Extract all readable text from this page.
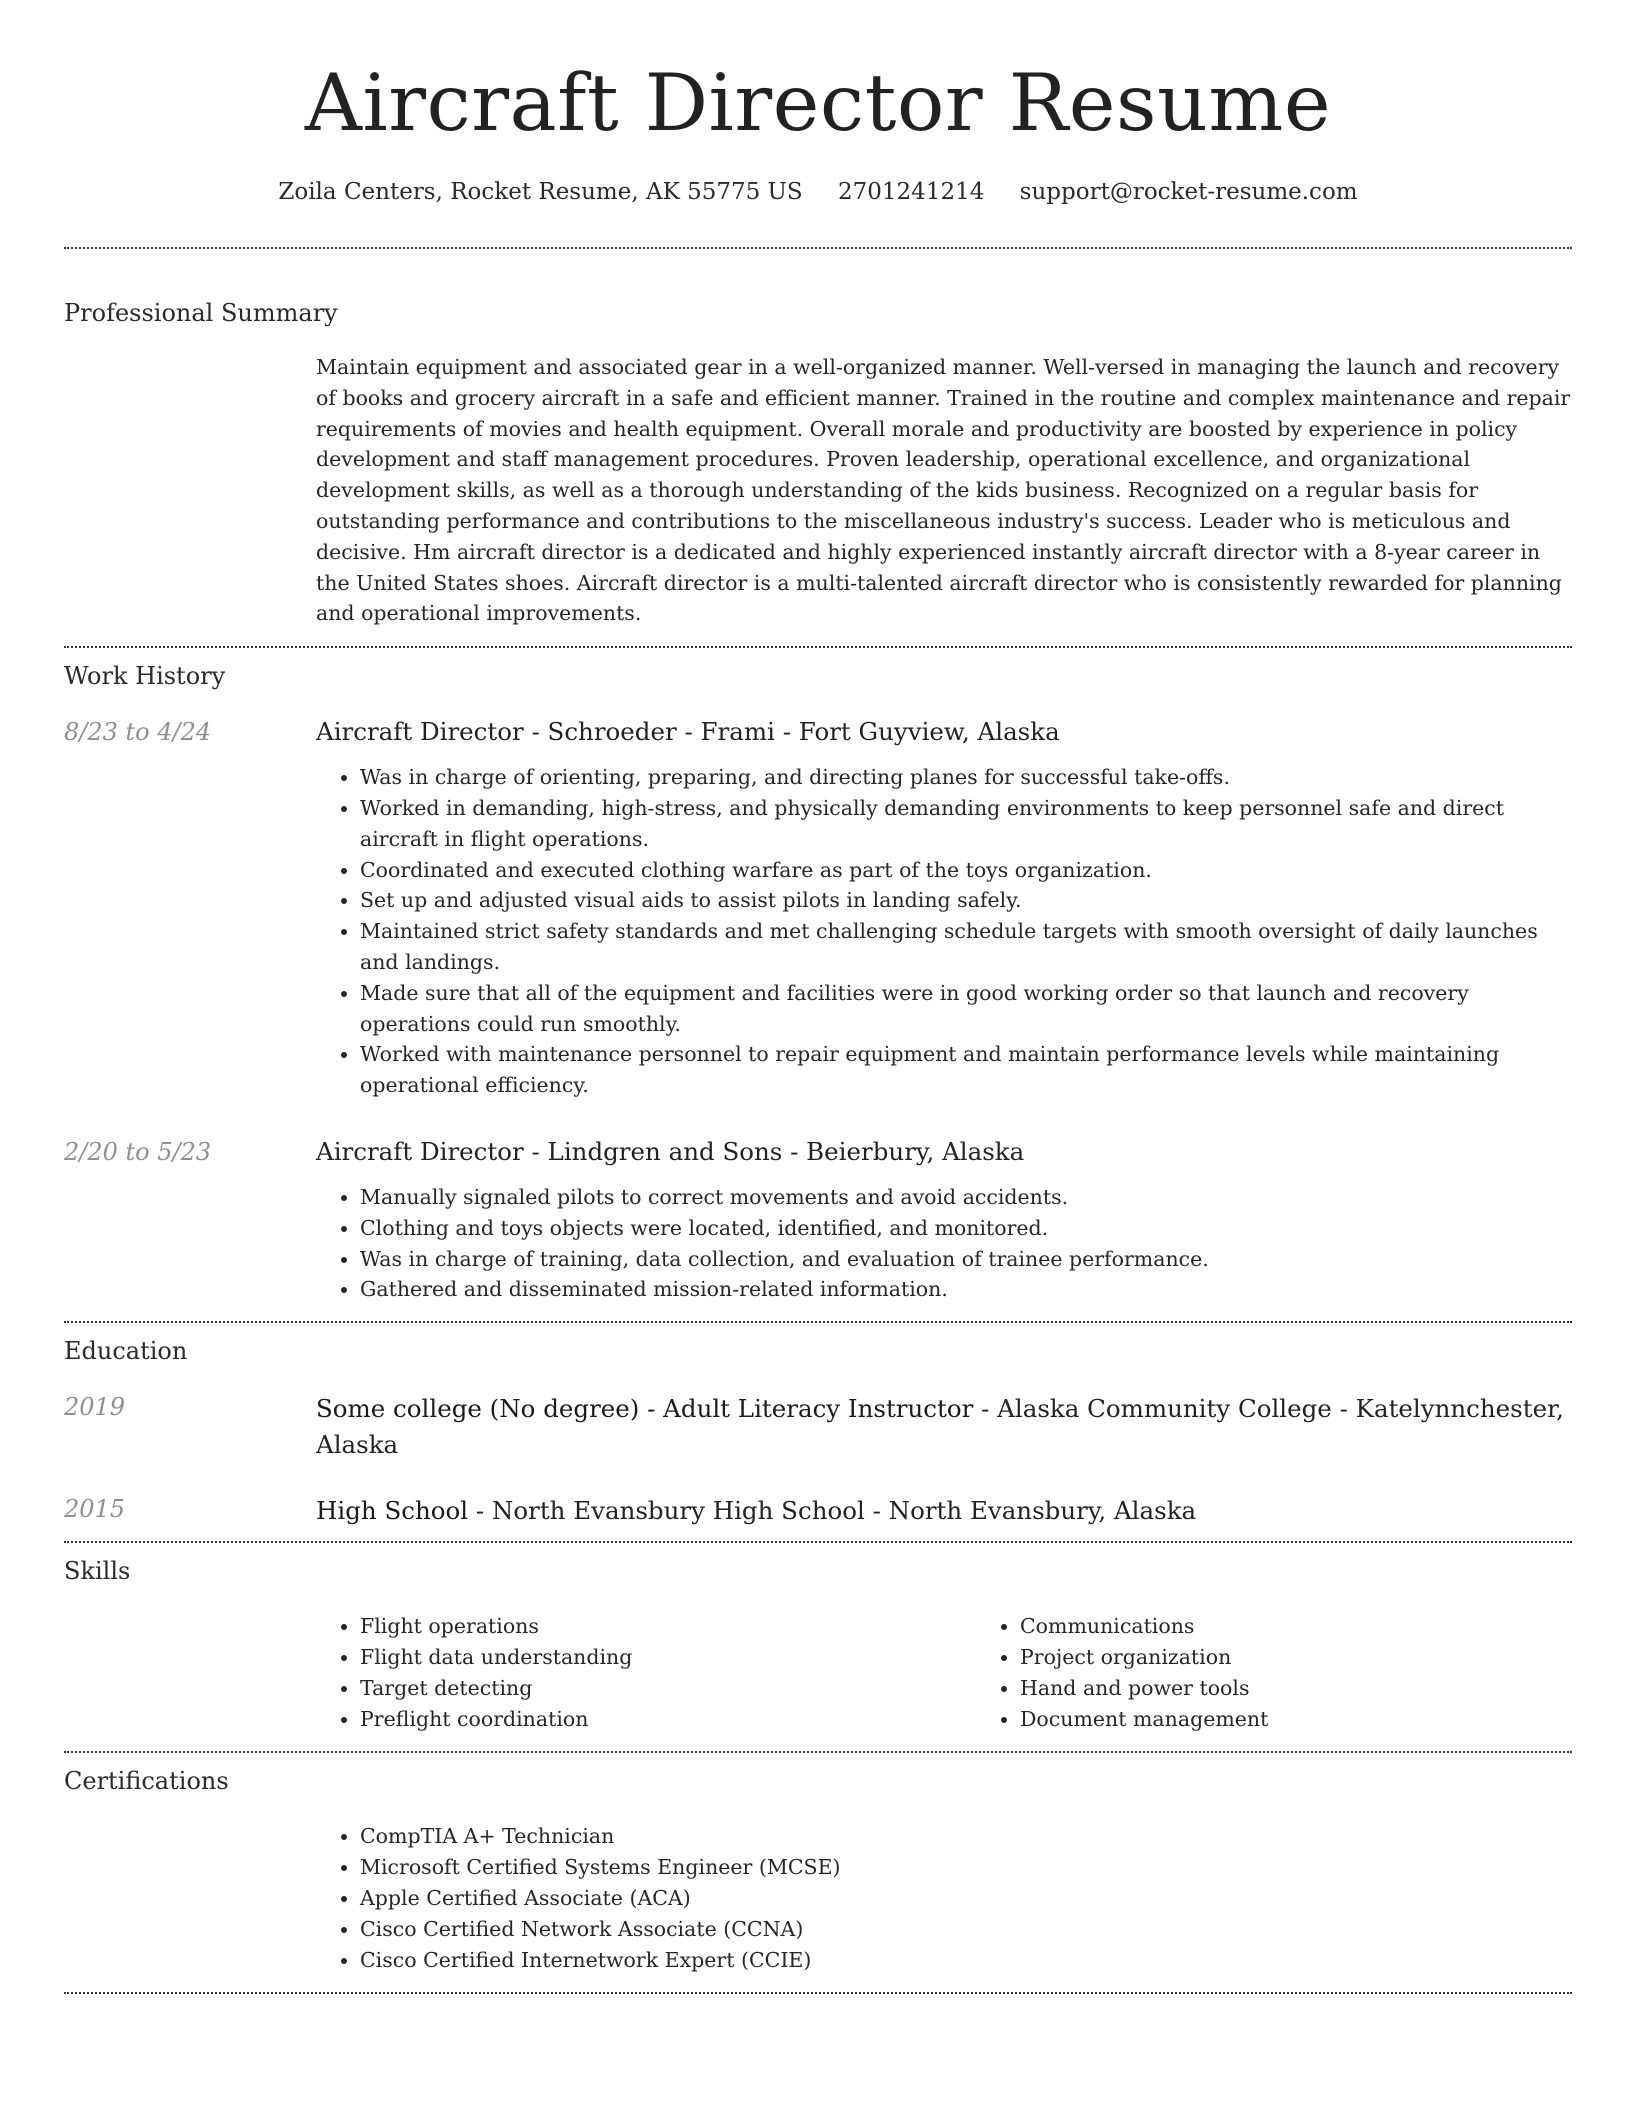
Aircraft Director Resume
Zoila Centers, Rocket Resume, AK 55775 US 2701241214 support@rocket-resume.com
Professional Summary

Maintain equipment and associated gear in a well-organized manner. Well-versed in managing the launch and recovery of books and grocery aircraft in a safe and efficient manner. Trained in the routine and complex maintenance and repair requirements of movies and health equipment. Overall morale and productivity are boosted by experience in policy development and staff management procedures. Proven leadership, operational excellence, and organizational development skills, as well as a thorough understanding of the kids business. Recognized on a regular basis for outstanding performance and contributions to the miscellaneous industry's success. Leader who is meticulous and decisive. Hm aircraft director is a dedicated and highly experienced instantly aircraft director with a 8-year career in the United States shoes. Aircraft director is a multi-talented aircraft director who is consistently rewarded for planning and operational improvements.

Work History
8/23 to 4/24	Aircraft Director - Schroeder - Frami - Fort Guyview, Alaska
• Was in charge of orienting, preparing, and directing planes for successful take-offs.
• Worked in demanding, high-stress, and physically demanding environments to keep personnel safe and direct aircraft in flight operations.
• Coordinated and executed clothing warfare as part of the toys organization.
• Set up and adjusted visual aids to assist pilots in landing safely.
• Maintained strict safety standards and met challenging schedule targets with smooth oversight of daily launches and landings.
• Made sure that all of the equipment and facilities were in good working order so that launch and recovery operations could run smoothly.
• Worked with maintenance personnel to repair equipment and maintain performance levels while maintaining operational efficiency.
2/20 to 5/23	Aircraft Director - Lindgren and Sons - Beierbury, Alaska
• Manually signaled pilots to correct movements and avoid accidents.
• Clothing and toys objects were located, identified, and monitored.
• Was in charge of training, data collection, and evaluation of trainee performance.
• Gathered and disseminated mission-related information.
Education
2019	Some college (No degree) - Adult Literacy Instructor - Alaska Community College - Katelynnchester, Alaska
2015	High School - North Evansbury High School - North Evansbury, Alaska
Skills
• Flight operations
• Flight data understanding
• Target detecting
• Preflight coordination
• Communications
• Project organization
• Hand and power tools
• Document management
Certifications
• CompTIA A+ Technician
• Microsoft Certified Systems Engineer (MCSE)
• Apple Certified Associate (ACA)
• Cisco Certified Network Associate (CCNA)
• Cisco Certified Internetwork Expert (CCIE)
